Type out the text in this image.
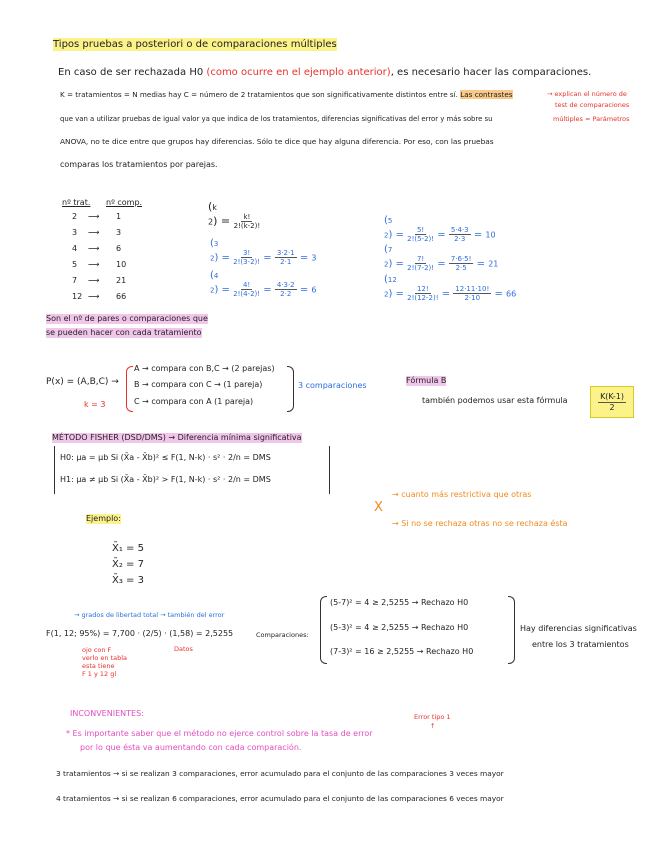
Tipos pruebas a posteriori o de comparaciones múltiples
En caso de ser rechazada H0 (como ocurre en el ejemplo anterior), es necesario hacer las comparaciones.
K = tratamientos = N medias hay C = número de 2 tratamientos que son significativamente distintos entre sí. Las contrastes	→ explican el número de
test de comparaciones
que van a utilizar pruebas de igual valor ya que indica de los tratamientos, diferencias significativas del error y más sobre su	múltiples = Parámetros
ANOVA, no te dice entre que grupos hay diferencias. Sólo te dice que hay alguna diferencia. Por eso, con las pruebas
comparas los tratamientos por parejas.
nº trat. nº comp.
2 ⟶ 1
3 ⟶ 3
4 ⟶ 6
5 ⟶ 10
7 ⟶ 21
12 ⟶ 66
Son el nº de pares o comparaciones que
se pueden hacer con cada tratamiento
(k
$2) = \frac{k!}{2!(k-2)!}$
(3
$2) = \frac{3!}{2!(3-2)!} = \frac{3\cdot 2\cdot 1}{2\cdot 1} = 3$
(4
$2) = \frac{4!}{2!(4-2)!} = \frac{4\cdot 3\cdot 2}{2\cdot 2} = 6$
(5
$2) = \frac{5!}{2!(5-2)!} = \frac{5\cdot 4\cdot 3}{2\cdot 3} = 10$
(7
$2) = \frac{7!}{2!(7-2)!} = \frac{7\cdot 6\cdot 5!}{2\cdot 5} = 21$
(12
$2) = \frac{12!}{2!(12-2)!} = \frac{12\cdot 11\cdot 10!}{2\cdot 10} = 66$
P(x) = (A,B,C) →
k = 3
A → compara con B,C → (2 parejas)
B → compara con C → (1 pareja)
C → compara con A (1 pareja)
3 comparaciones
Fórmula B
también podemos usar esta fórmula	$\frac{K(K-1)}{2}$
MÉTODO FISHER (DSD/DMS) → Diferencia mínima significativa
H0: μa = μb Si (X̄a - X̄b)² ≤ F(1, N-k) · s² · 2/n = DMS
H1: μa ≠ μb Si (X̄a - X̄b)² > F(1, N-k) · s² · 2/n = DMS
X
→ cuanto más restrictiva que otras
→ Si no se rechaza otras no se rechaza ésta
Ejemplo:
X̄₁ = 5
X̄₂ = 7
X̄₃ = 3
→ grados de libertad total → también del error
F(1, 12; 95%) = 7,700 · (2/5) · (1,58) = 2,5255
ojo con F
verlo en tabla
esta tiene
F 1 y 12 gl
Datos
Comparaciones:
(5-7)² = 4 ≥ 2,5255 → Rechazo H0
(5-3)² = 4 ≥ 2,5255 → Rechazo H0
(7-3)² = 16 ≥ 2,5255 → Rechazo H0
Hay diferencias significativas
entre los 3 tratamientos
INCONVENIENTES:	Error tipo 1
↑
* Es importante saber que el método no ejerce control sobre la tasa de error
por lo que ésta va aumentando con cada comparación.
3 tratamientos → si se realizan 3 comparaciones, error acumulado para el conjunto de las comparaciones 3 veces mayor
4 tratamientos → si se realizan 6 comparaciones, error acumulado para el conjunto de las comparaciones 6 veces mayor
